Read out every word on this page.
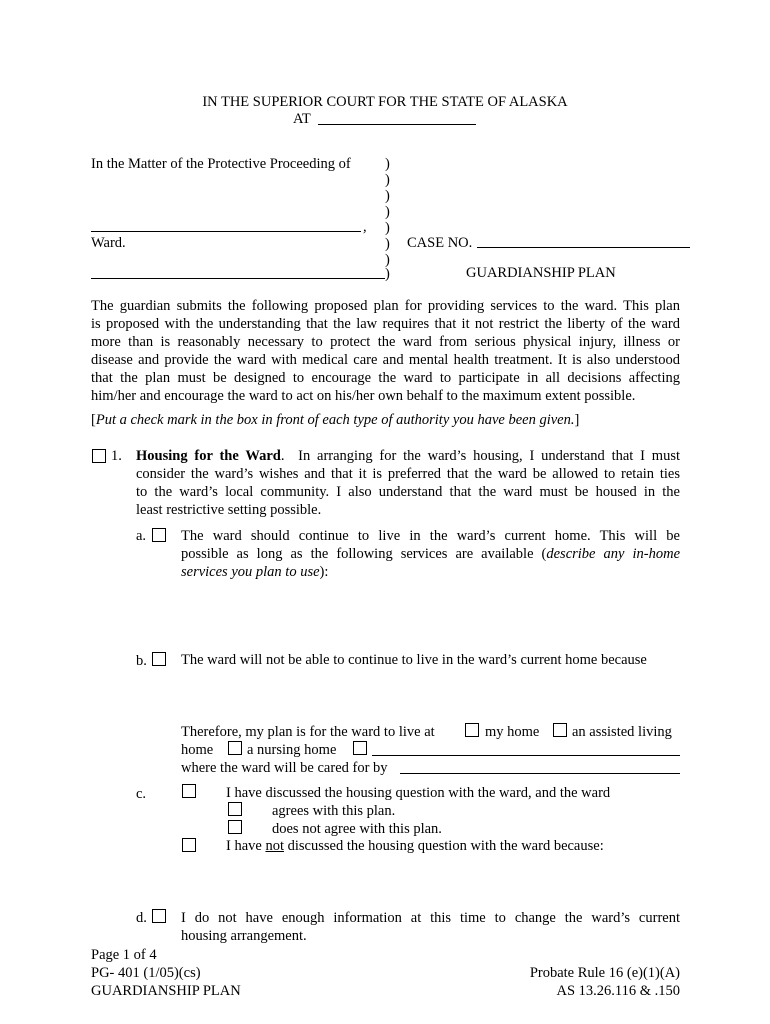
IN THE SUPERIOR COURT FOR THE STATE OF ALASKA
AT
In the Matter of the Protective Proceeding of )
)
)
)
)
)
)
)
,
Ward.	CASE NO.
GUARDIANSHIP PLAN
The guardian submits the following proposed plan for providing services to the ward. This plan
is proposed with the understanding that the law requires that it not restrict the liberty of the ward
more than is reasonably necessary to protect the ward from serious physical injury, illness or
disease and provide the ward with medical care and mental health treatment. It is also understood
that the plan must be designed to encourage the ward to participate in all decisions affecting
him/her and encourage the ward to act on his/her own behalf to the maximum extent possible.
[Put a check mark in the box in front of each type of authority you have been given.]
1. Housing for the Ward.  In arranging for the ward’s housing, I understand that I must
consider the ward’s wishes and that it is preferred that the ward be allowed to retain ties
to the ward’s local community. I also understand that the ward must be housed in the
least restrictive setting possible.
a. The ward should continue to live in the ward’s current home. This will be
possible as long as the following services are available (describe any in-home
services you plan to use):
b. The ward will not be able to continue to live in the ward’s current home because
Therefore, my plan is for the ward to live at	my home an assisted living
home a nursing home
where the ward will be cared for by
c.	I have discussed the housing question with the ward, and the ward
agrees with this plan.
does not agree with this plan.
I have not discussed the housing question with the ward because:
d. I do not have enough information at this time to change the ward’s current
housing arrangement.
Page 1 of 4
PG- 401 (1/05)(cs)
GUARDIANSHIP PLAN
Probate Rule 16 (e)(1)(A)
AS 13.26.116 & .150
